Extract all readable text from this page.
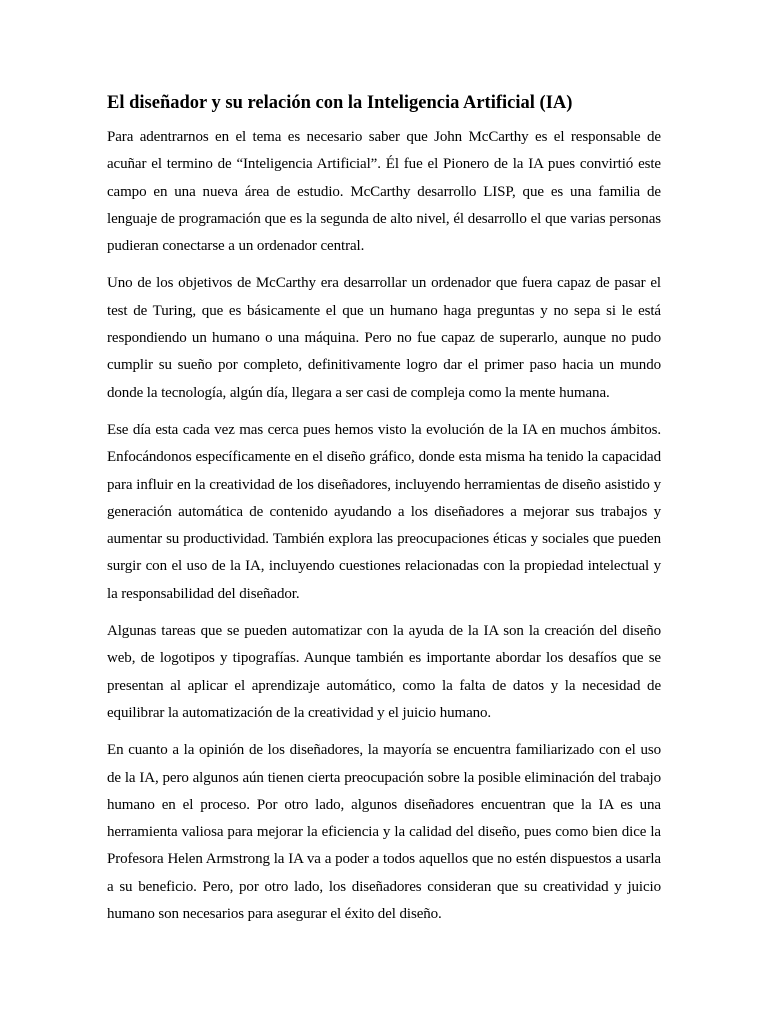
El diseñador y su relación con la Inteligencia Artificial (IA)

Para adentrarnos en el tema es necesario saber que John McCarthy es el responsable de acuñar el termino de “Inteligencia Artificial”. Él fue el Pionero de la IA pues convirtió este campo en una nueva área de estudio. McCarthy desarrollo LISP, que es una familia de lenguaje de programación que es la segunda de alto nivel, él desarrollo el que varias personas pudieran conectarse a un ordenador central.

Uno de los objetivos de McCarthy era desarrollar un ordenador que fuera capaz de pasar el test de Turing, que es básicamente el que un humano haga preguntas y no sepa si le está respondiendo un humano o una máquina. Pero no fue capaz de superarlo, aunque no pudo cumplir su sueño por completo, definitivamente logro dar el primer paso hacia un mundo donde la tecnología, algún día, llegara a ser casi de compleja como la mente humana.

Ese día esta cada vez mas cerca pues hemos visto la evolución de la IA en muchos ámbitos. Enfocándonos específicamente en el diseño gráfico, donde esta misma ha tenido la capacidad para influir en la creatividad de los diseñadores, incluyendo herramientas de diseño asistido y generación automática de contenido ayudando a los diseñadores a mejorar sus trabajos y aumentar su productividad. También explora las preocupaciones éticas y sociales que pueden surgir con el uso de la IA, incluyendo cuestiones relacionadas con la propiedad intelectual y la responsabilidad del diseñador.

Algunas tareas que se pueden automatizar con la ayuda de la IA son la creación del diseño web, de logotipos y tipografías. Aunque también es importante abordar los desafíos que se presentan al aplicar el aprendizaje automático, como la falta de datos y la necesidad de equilibrar la automatización de la creatividad y el juicio humano.

En cuanto a la opinión de los diseñadores, la mayoría se encuentra familiarizado con el uso de la IA, pero algunos aún tienen cierta preocupación sobre la posible eliminación del trabajo humano en el proceso. Por otro lado, algunos diseñadores encuentran que la IA es una herramienta valiosa para mejorar la eficiencia y la calidad del diseño, pues como bien dice la Profesora Helen Armstrong la IA va a poder a todos aquellos que no estén dispuestos a usarla a su beneficio. Pero, por otro lado, los diseñadores consideran que su creatividad y juicio humano son necesarios para asegurar el éxito del diseño.
